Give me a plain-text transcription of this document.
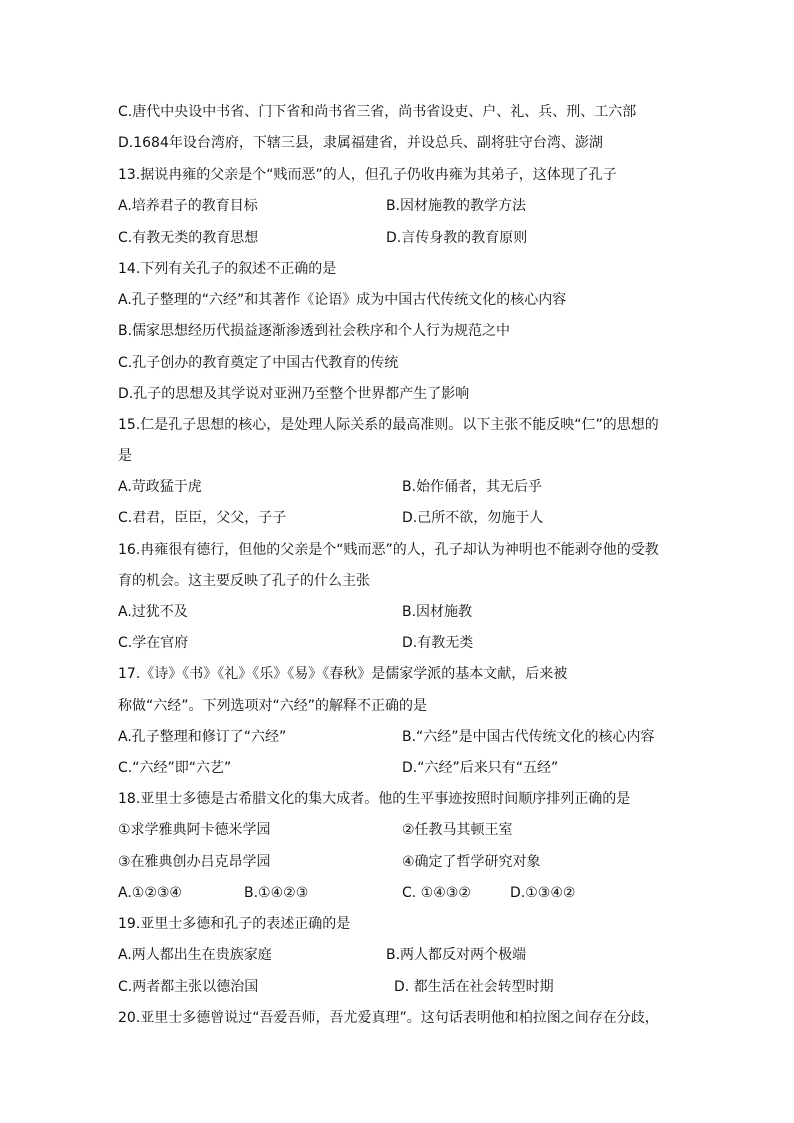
C.唐代中央设中书省、门下省和尚书省三省，尚书省设吏、户、礼、兵、刑、工六部
D.1684年设台湾府，下辖三县，隶属福建省，并设总兵、副将驻守台湾、澎湖
13.据说冉雍的父亲是个“贱而恶”的人，但孔子仍收冉雍为其弟子，这体现了孔子
A.培养君子的教育目标	B.因材施教的教学方法
C.有教无类的教育思想	D.言传身教的教育原则
14.下列有关孔子的叙述不正确的是
A.孔子整理的“六经”和其著作《论语》成为中国古代传统文化的核心内容
B.儒家思想经历代损益逐渐渗透到社会秩序和个人行为规范之中
C.孔子创办的教育奠定了中国古代教育的传统
D.孔子的思想及其学说对亚洲乃至整个世界都产生了影响
15.仁是孔子思想的核心，是处理人际关系的最高准则。以下主张不能反映“仁”的思想的
是
A.苛政猛于虎	B.始作俑者，其无后乎
C.君君，臣臣，父父，子子	D.己所不欲，勿施于人
16.冉雍很有德行，但他的父亲是个“贱而恶”的人，孔子却认为神明也不能剥夺他的受教
育的机会。这主要反映了孔子的什么主张
A.过犹不及	B.因材施教
C.学在官府	D.有教无类
17.《诗》《书》《礼》《乐》《易》《春秋》是儒家学派的基本文献，后来被
称做“六经”。下列选项对“六经”的解释不正确的是
A.孔子整理和修订了“六经”	B.“六经”是中国古代传统文化的核心内容
C.“六经”即“六艺”	D.“六经”后来只有“五经”
18.亚里士多德是古希腊文化的集大成者。他的生平事迹按照时间顺序排列正确的是
①求学雅典阿卡德米学园	②任教马其顿王室
③在雅典创办吕克昂学园	④确定了哲学研究对象
A.①②③④	B.①④②③	C. ①④③②	D.①③④②
19.亚里士多德和孔子的表述正确的是
A.两人都出生在贵族家庭	B.两人都反对两个极端
C.两者都主张以德治国	D. 都生活在社会转型时期
20.亚里士多德曾说过“吾爱吾师，吾尤爱真理”。这句话表明他和柏拉图之间存在分歧，
